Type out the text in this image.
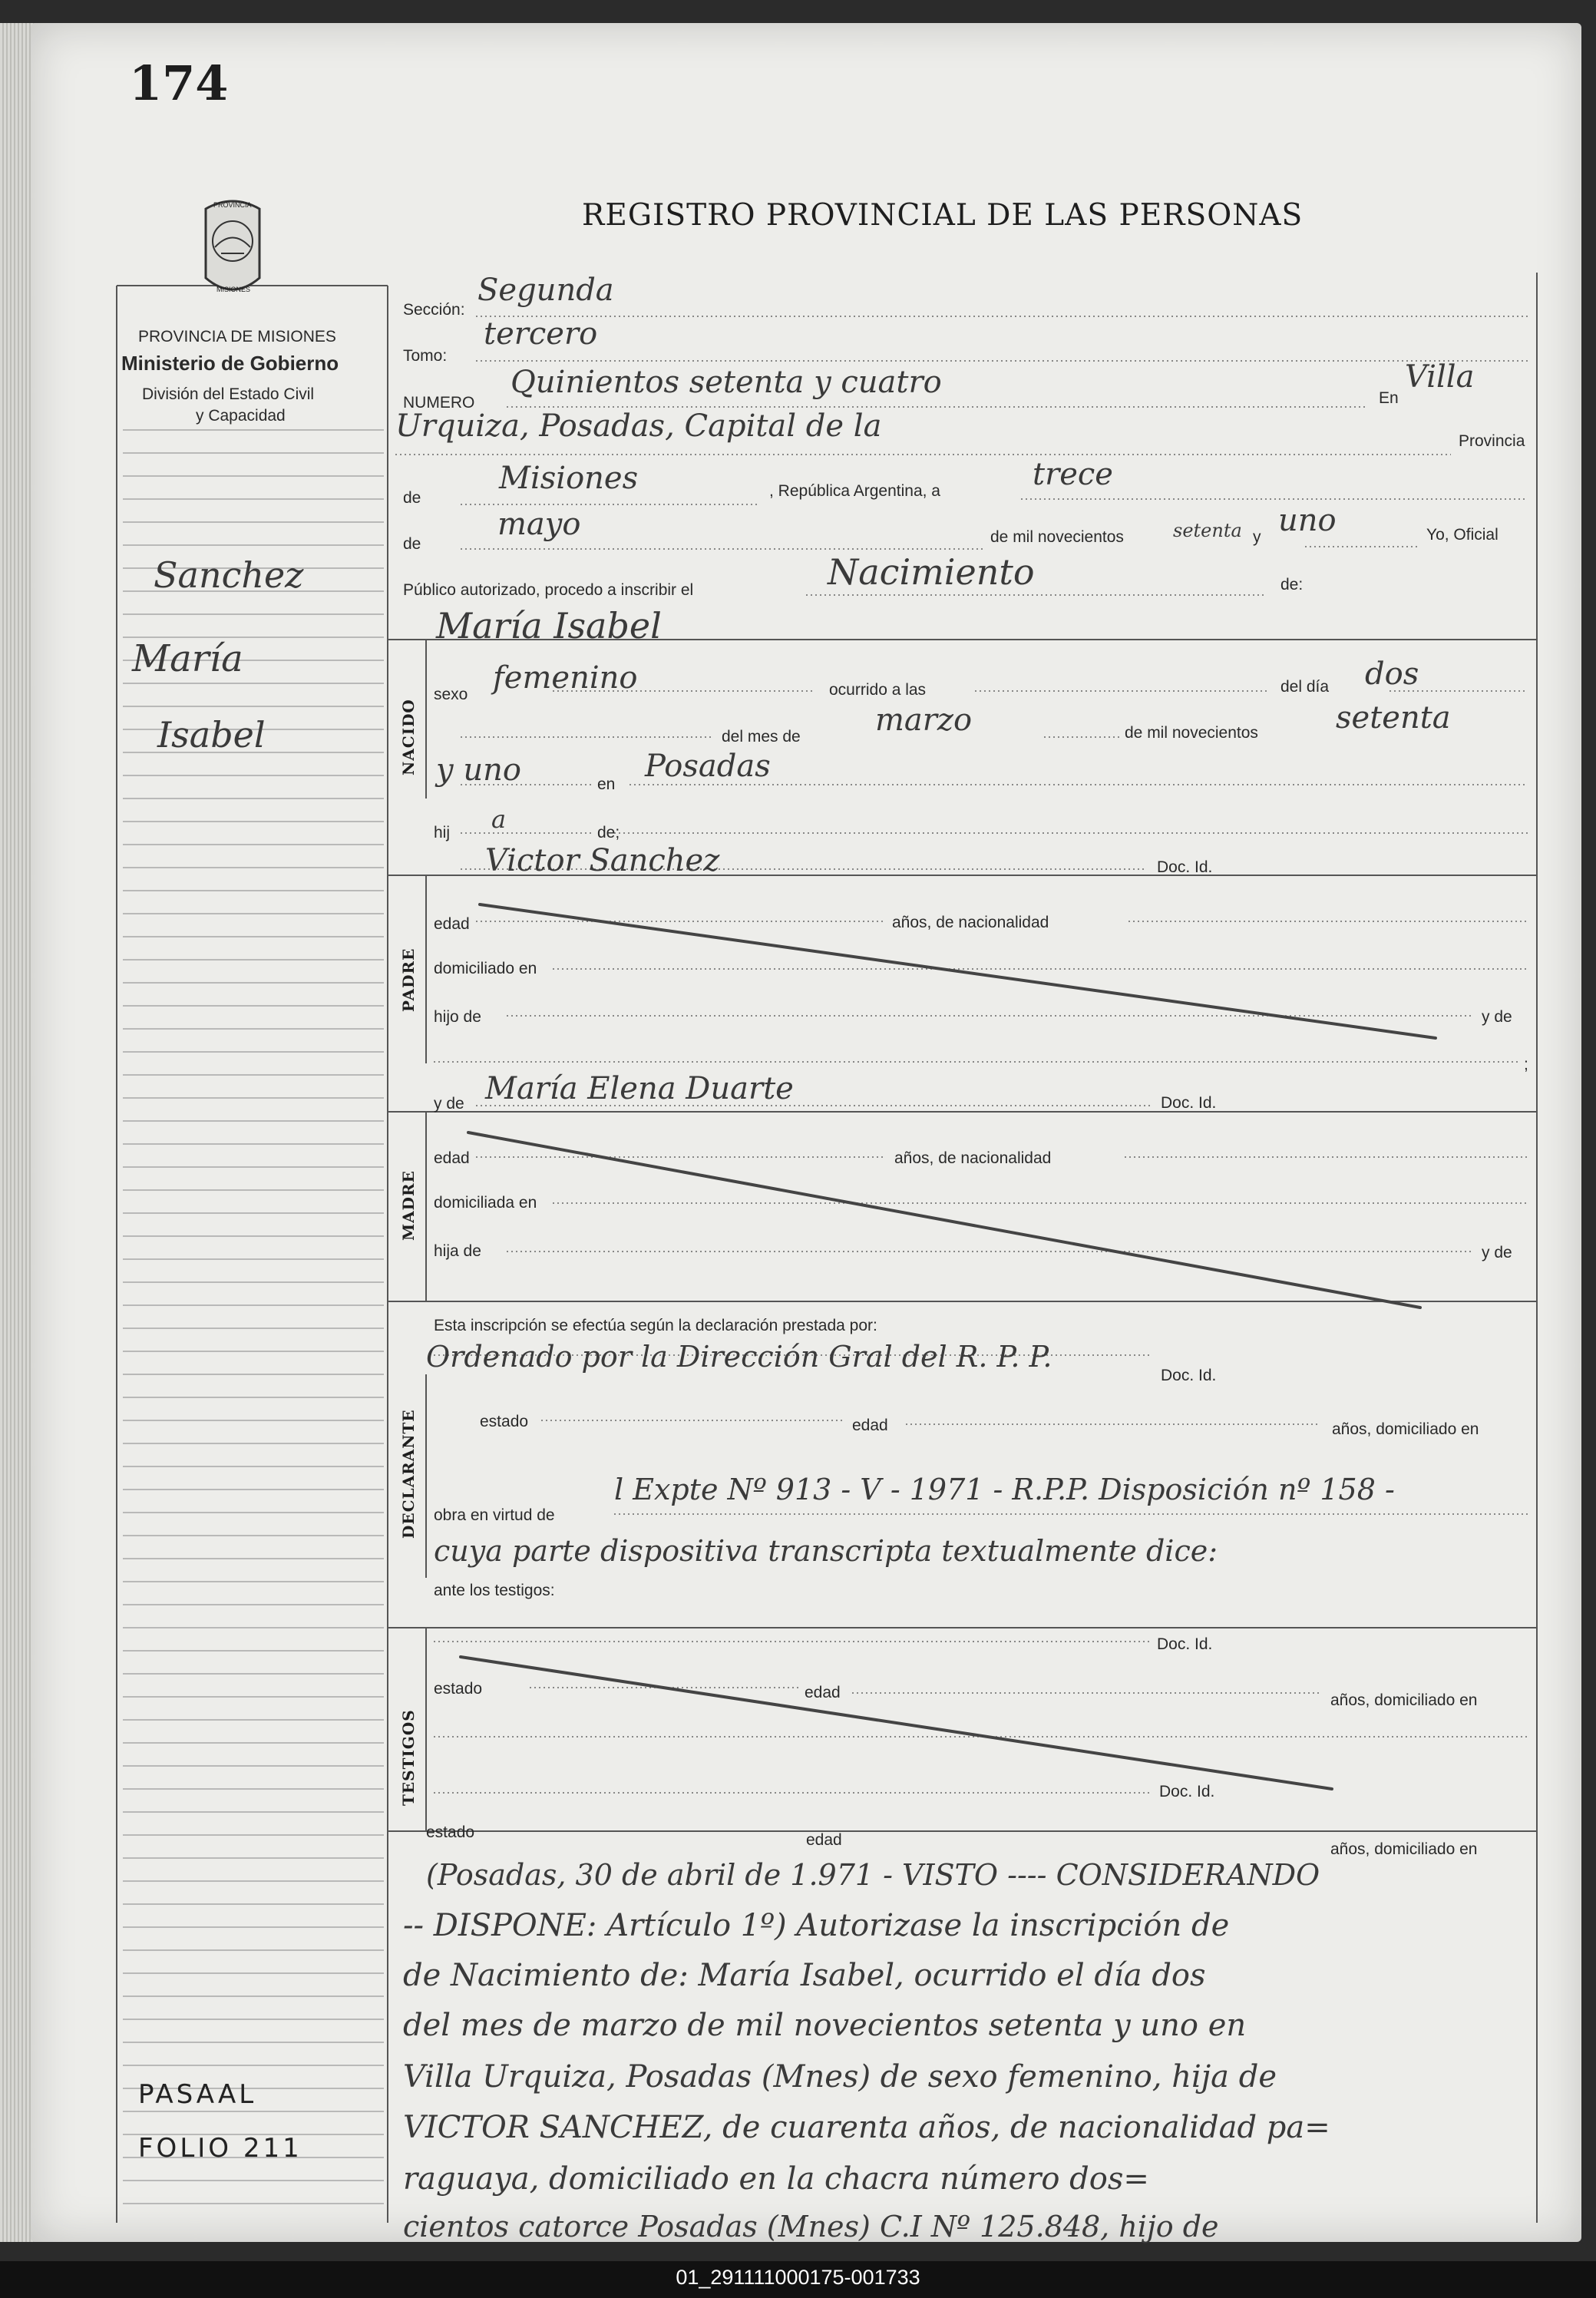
174
PROVINCIA
MISIONES
REGISTRO PROVINCIAL DE LAS PERSONAS
PROVINCIA DE MISIONES
Ministerio de Gobierno
División del Estado Civil
y Capacidad
Sanchez
María
Isabel
PASAAL
FOLIO 211
NACIDO
PADRE
MADRE
DECLARANTE
TESTIGOS
Sección:
Segunda
Tomo:
tercero
NUMERO
Quinientos setenta y cuatro	En
Villa
Urquiza, Posadas, Capital de la	Provincia
de
Misiones	, República Argentina, a	trece
de
mayo	de mil novecientos	setenta y uno	Yo, Oficial
Público autorizado, procedo a inscribir el	Nacimiento	de:
María Isabel
sexo femenino	ocurrido a las	del día dos
del mes de marzo	de mil novecientos	setenta
y uno	en
Posadas
hij a	de;
Victor Sanchez	Doc. Id.
edad	años, de nacionalidad
domiciliado en
hijo de	y de
;
y de María Elena Duarte	Doc. Id.
edad	años, de nacionalidad
domiciliada en
hija de	y de
Esta inscripción se efectúa según la declaración prestada por:
Ordenado por la Dirección Gral del R. P. P.
Doc. Id.
estado	edad	años, domiciliado en
obra en virtud de
l Expte Nº 913 - V - 1971 - R.P.P. Disposición nº 158 -
cuya parte dispositiva transcripta textualmente dice:
ante los testigos:
Doc. Id.
estado	edad	años, domiciliado en
Doc. Id.
estado	edad
años, domiciliado en
(Posadas, 30 de abril de 1.971 - VISTO ---- CONSIDERANDO
-- DISPONE: Artículo 1º) Autorizase la inscripción de
de Nacimiento de: María Isabel, ocurrido el día dos
del mes de marzo de mil novecientos setenta y uno en
Villa Urquiza, Posadas (Mnes) de sexo femenino, hija de
VICTOR SANCHEZ, de cuarenta años, de nacionalidad pa=
raguaya, domiciliado en la chacra número dos=
cientos catorce Posadas (Mnes) C.I Nº 125.848, hijo de
01_291111000175-001733
